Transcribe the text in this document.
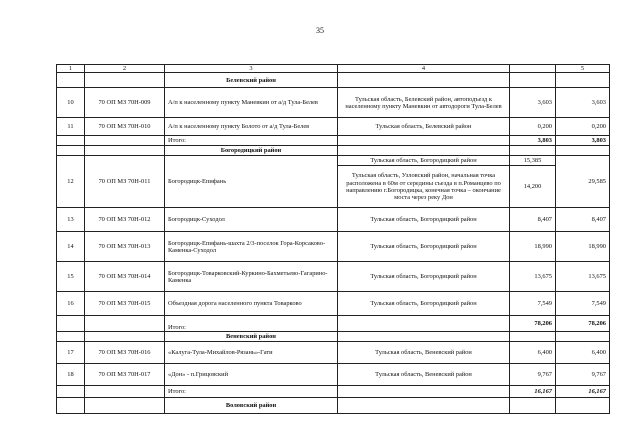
35
1	2	3	4		5
		Белевский район			
10	70 ОП МЗ 70Н-009	А/п к населенному пункту Маневкин от а/д Тула-Белев	Тульская область, Белевский район, автоподъезд к населенному пункту Маневкин от автодороги Тула-Белев	3,603	3,603
11	70 ОП МЗ 70Н-010	А/п к населенному пункту Болото от а/д Тула-Белев	Тульская область, Белевский район	0,200	0,200
		Итого:		3,803	3,803
		Богородицкий район			
12	70 ОП МЗ 70Н-011	Богородицк-Епифань	Тульская область, Богородицкий район	15,385	29,585
			Тульская область, Узловский район, начальная точка расположена в 60м от середины съезда в п.Романцево по направлению г.Богородицка, конечная точка – окончание моста через реку Дон	14,200	
13	70 ОП МЗ 70Н-012	Богородицк-Суходол	Тульская область, Богородицкий район	8,407	8,407
14	70 ОП МЗ 70Н-013	Богородицк-Епифань-шахта 2/3-поселок Гора-Корсаково-Каменка-Суходол	Тульская область, Богородицкий район	18,990	18,990
15	70 ОП МЗ 70Н-014	Богородицк-Товарковский-Куркино-Бахметьево-Гагарино-Каменка	Тульская область, Богородицкий район	13,675	13,675
16	70 ОП МЗ 70Н-015	Объездная дорога населенного пункта Товарково	Тульская область, Богородицкий район	7,549	7,549
		Итого:		78,206	78,206
		Веневский район			
17	70 ОП МЗ 70Н-016	«Калуга-Тула-Михайлов-Рязань»-Гати	Тульская область, Веневский район	6,400	6,400
18	70 ОП МЗ 70Н-017	«Дон» - п.Грицовский	Тульская область, Веневский район	9,767	9,767
		Итого:		16,167	16,167
		Воловский район			
